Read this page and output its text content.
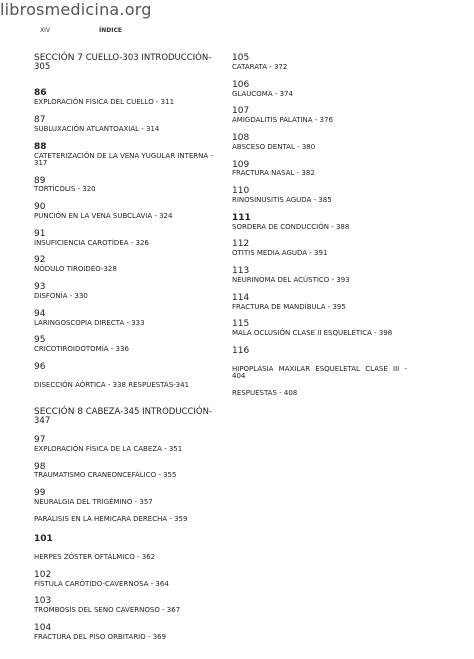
librosmedicina.org
XIV	ÍNDICE
SECCIÓN 7 CUELLO-303 INTRODUCCIÓN-305
86
EXPLORACIÓN FÍSICA DEL CUELLO - 311
87
SUBLUXACIÓN ATLANTOAXIAL - 314
88
CATETERIZACIÓN DE LA VENA YUGULAR INTERNA - 317
89
TORTÍCOLIS - 320
90
PUNCIÓN EN LA VENA SUBCLAVIA - 324
91
INSUFICIENCIA CAROTÍDEA - 326
92
NÓDULO TIROIDEO-328
93
DISFONÍA - 330
94
LARINGOSCOPIA DIRECTA - 333
95
CRICOTIROIDOTOMÍA - 336
96
DISECCIÓN AÓRTICA - 338 RESPUESTAS-341
SECCIÓN 8 CABEZA-345 INTRODUCCIÓN-347
97
EXPLORACIÓN FÍSICA DE LA CABEZA - 351
98
TRAUMATISMO CRANEONCEFÁLICO - 355
99
NEURALGIA DEL TRIGÉMINO - 357
PARÁLISIS EN LA HEMICARA DERECHA - 359
101
HERPES ZÓSTER OFTÁLMICO - 362
102
FÍSTULA CARÓTIDO-CAVERNOSA - 364
103
TROMBOSIS DEL SENO CAVERNOSO - 367
104
FRACTURA DEL PISO ORBITARIO - 369
105
CATARATA - 372
106
GLAUCOMA - 374
107
AMIGDALITIS PALATINA - 376
108
ABSCESO DENTAL - 380
109
FRACTURA NASAL - 382
110
RINOSINUSITIS AGUDA - 385
111
SORDERA DE CONDUCCIÓN - 388
112
OTITIS MEDIA AGUDA - 391
113
NEURINOMA DEL ACÚSTICO - 393
114
FRACTURA DE MANDÍBULA - 395
115
MALA OCLUSIÓN CLASE II ESQUELÉTICA - 398
116
HIPOPLASIA MAXILAR ESQUELETAL CLASE III - 404
RESPUESTAS - 408
